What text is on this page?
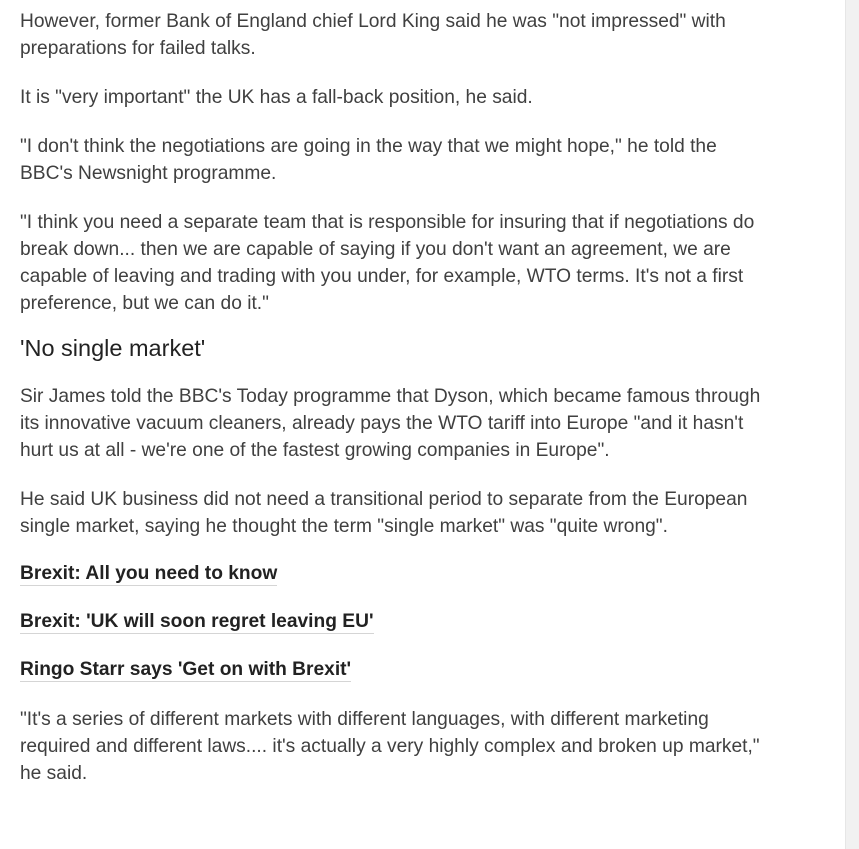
However, former Bank of England chief Lord King said he was "not impressed" with preparations for failed talks.

It is "very important" the UK has a fall-back position, he said.

"I don't think the negotiations are going in the way that we might hope," he told the BBC's Newsnight programme.

"I think you need a separate team that is responsible for insuring that if negotiations do break down... then we are capable of saying if you don't want an agreement, we are capable of leaving and trading with you under, for example, WTO terms. It's not a first preference, but we can do it."

'No single market'

Sir James told the BBC's Today programme that Dyson, which became famous through its innovative vacuum cleaners, already pays the WTO tariff into Europe "and it hasn't hurt us at all - we're one of the fastest growing companies in Europe".

He said UK business did not need a transitional period to separate from the European single market, saying he thought the term "single market" was "quite wrong".

Brexit: All you need to know
Brexit: 'UK will soon regret leaving EU'
Ringo Starr says 'Get on with Brexit'

"It's a series of different markets with different languages, with different marketing required and different laws.... it's actually a very highly complex and broken up market," he said.
